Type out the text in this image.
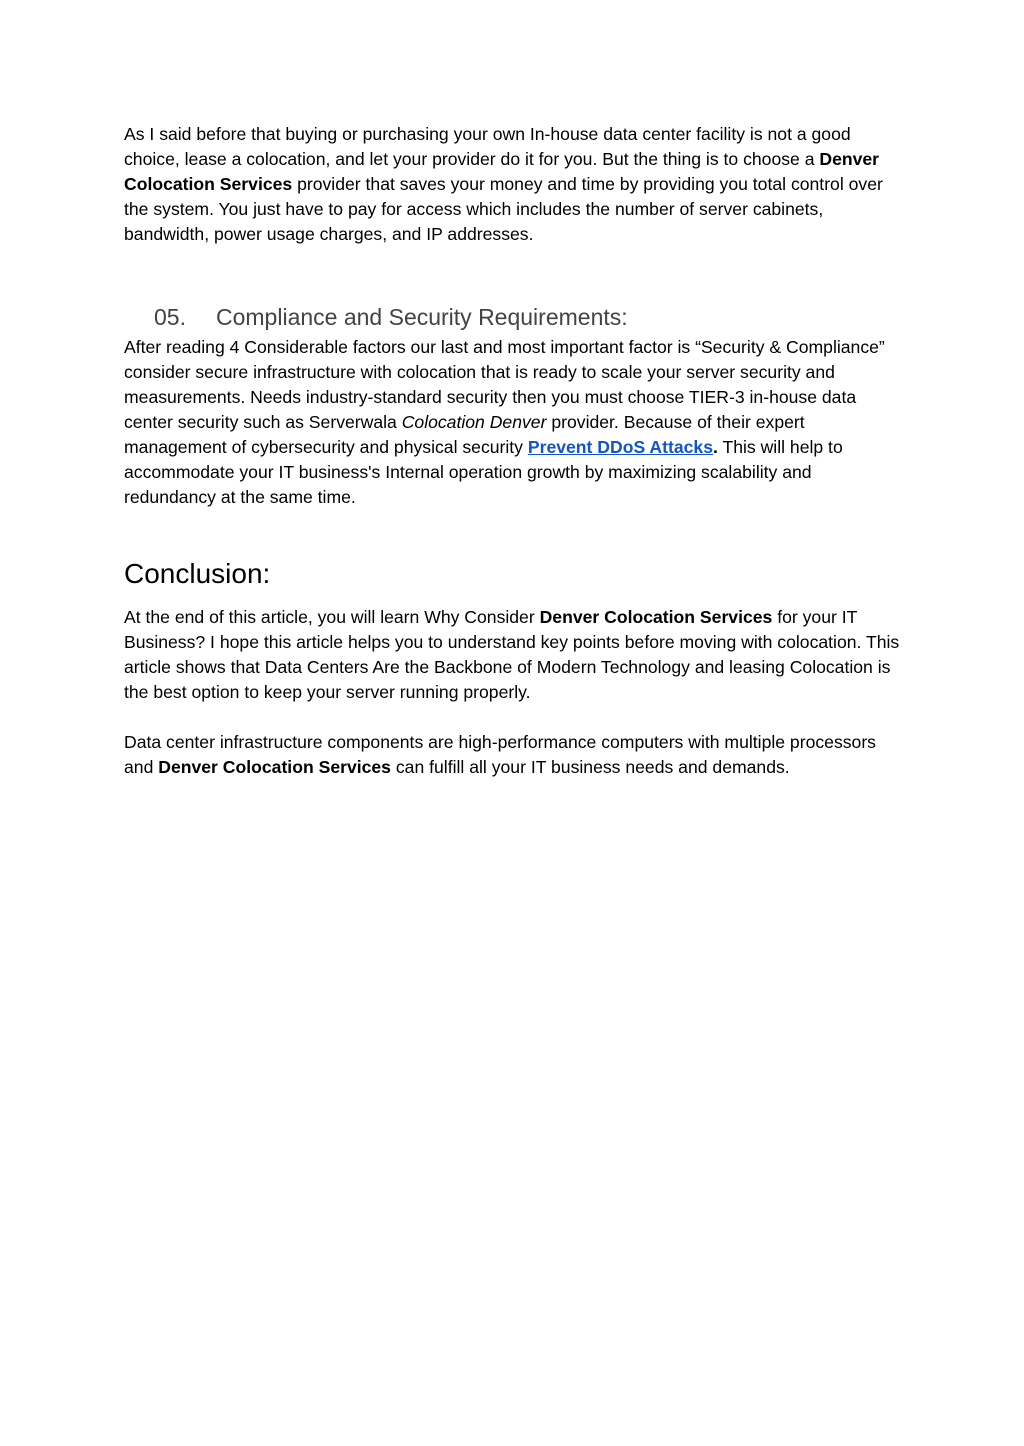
As I said before that buying or purchasing your own In-house data center facility is not a good choice, lease a colocation, and let your provider do it for you. But the thing is to choose a Denver Colocation Services provider that saves your money and time by providing you total control over the system. You just have to pay for access which includes the number of server cabinets, bandwidth, power usage charges, and IP addresses.

05. Compliance and Security Requirements:

After reading 4 Considerable factors our last and most important factor is “Security & Compliance” consider secure infrastructure with colocation that is ready to scale your server security and measurements. Needs industry-standard security then you must choose TIER-3 in-house data center security such as Serverwala Colocation Denver provider. Because of their expert management of cybersecurity and physical security Prevent DDoS Attacks. This will help to accommodate your IT business's Internal operation growth by maximizing scalability and redundancy at the same time.

Conclusion:

At the end of this article, you will learn Why Consider Denver Colocation Services for your IT Business? I hope this article helps you to understand key points before moving with colocation. This article shows that Data Centers Are the Backbone of Modern Technology and leasing Colocation is the best option to keep your server running properly.

Data center infrastructure components are high-performance computers with multiple processors and Denver Colocation Services can fulfill all your IT business needs and demands.
